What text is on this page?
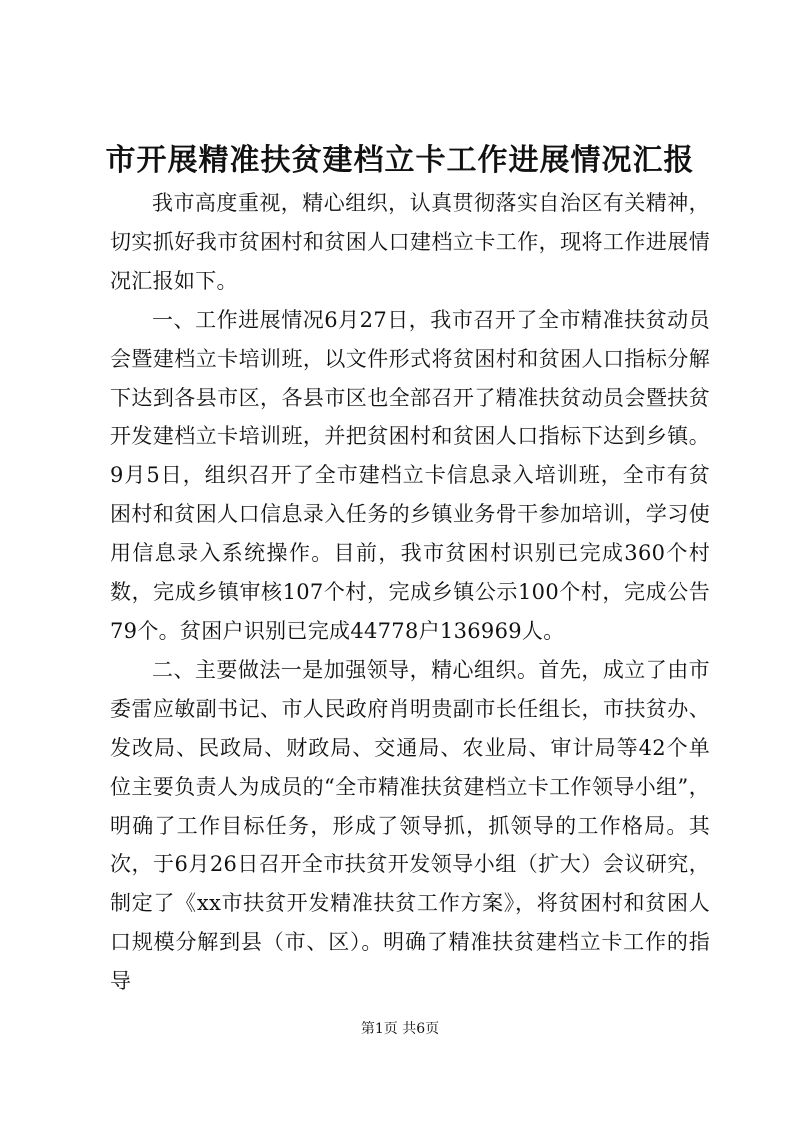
市开展精准扶贫建档立卡工作进展情况汇报

我市高度重视，精心组织，认真贯彻落实自治区有关精神，切实抓好我市贫困村和贫困人口建档立卡工作，现将工作进展情况汇报如下。

一、工作进展情况6月27日，我市召开了全市精准扶贫动员会暨建档立卡培训班，以文件形式将贫困村和贫困人口指标分解下达到各县市区，各县市区也全部召开了精准扶贫动员会暨扶贫开发建档立卡培训班，并把贫困村和贫困人口指标下达到乡镇。9月5日，组织召开了全市建档立卡信息录入培训班，全市有贫困村和贫困人口信息录入任务的乡镇业务骨干参加培训，学习使用信息录入系统操作。目前，我市贫困村识别已完成360个村数，完成乡镇审核107个村，完成乡镇公示100个村，完成公告79个。贫困户识别已完成44778户136969人。

二、主要做法一是加强领导，精心组织。首先，成立了由市委雷应敏副书记、市人民政府肖明贵副市长任组长，市扶贫办、发改局、民政局、财政局、交通局、农业局、审计局等42个单位主要负责人为成员的“全市精准扶贫建档立卡工作领导小组”，明确了工作目标任务，形成了领导抓，抓领导的工作格局。其次，于6月26日召开全市扶贫开发领导小组（扩大）会议研究，制定了《xx市扶贫开发精准扶贫工作方案》，将贫困村和贫困人口规模分解到县（市、区）。明确了精准扶贫建档立卡工作的指导

第1页 共6页
